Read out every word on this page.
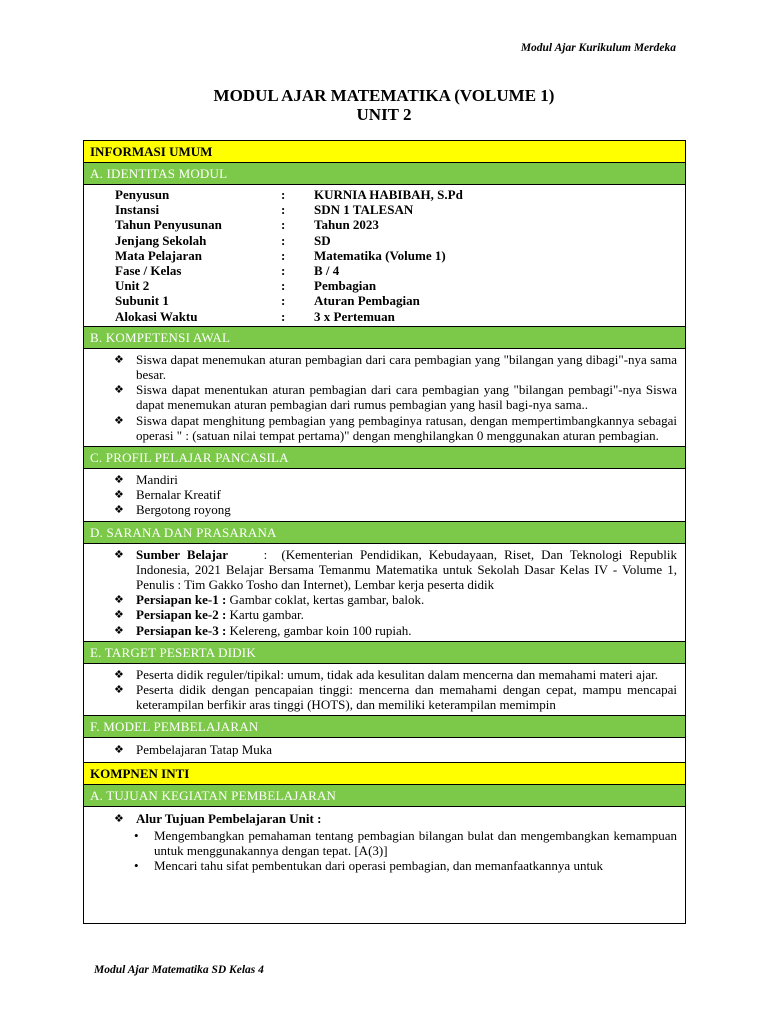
Modul Ajar Kurikulum Merdeka
MODUL AJAR MATEMATIKA (VOLUME 1)
UNIT 2
INFORMASI UMUM
A. IDENTITAS MODUL
Penyusun	:	KURNIA HABIBAH, S.Pd
Instansi	:	SDN 1 TALESAN
Tahun Penyusunan	:	Tahun 2023
Jenjang Sekolah	:	SD
Mata Pelajaran	:	Matematika (Volume 1)
Fase / Kelas	:	B / 4
Unit 2	:	Pembagian
Subunit 1	:	Aturan Pembagian
Alokasi Waktu	:	3 x Pertemuan
B. KOMPETENSI AWAL
❖ Siswa dapat menemukan aturan pembagian dari cara pembagian yang "bilangan yang dibagi"-nya sama besar.
❖ Siswa dapat menentukan aturan pembagian dari cara pembagian yang "bilangan pembagi"-nya Siswa dapat menemukan aturan pembagian dari rumus pembagian yang hasil bagi-nya sama..
❖ Siswa dapat menghitung pembagian yang pembaginya ratusan, dengan mempertimbangkannya sebagai operasi " : (satuan nilai tempat pertama)" dengan menghilangkan 0 menggunakan aturan pembagian.
C. PROFIL PELAJAR PANCASILA
❖ Mandiri
❖ Bernalar Kreatif
❖ Bergotong royong
D. SARANA DAN PRASARANA
❖ Sumber Belajar     :  (Kementerian Pendidikan, Kebudayaan, Riset, Dan Teknologi Republik Indonesia, 2021 Belajar Bersama Temanmu Matematika untuk Sekolah Dasar Kelas IV - Volume 1, Penulis : Tim Gakko Tosho dan Internet), Lembar kerja peserta didik
❖ Persiapan ke-1 : Gambar coklat, kertas gambar, balok.
❖ Persiapan ke-2 : Kartu gambar.
❖ Persiapan ke-3 : Kelereng, gambar koin 100 rupiah.
E. TARGET PESERTA DIDIK
❖ Peserta didik reguler/tipikal: umum, tidak ada kesulitan dalam mencerna dan memahami materi ajar.
❖ Peserta didik dengan pencapaian tinggi: mencerna dan memahami dengan cepat, mampu mencapai keterampilan berfikir aras tinggi (HOTS), dan memiliki keterampilan memimpin
F. MODEL PEMBELAJARAN
❖ Pembelajaran Tatap Muka
KOMPNEN INTI
A. TUJUAN KEGIATAN PEMBELAJARAN
❖ Alur Tujuan Pembelajaran Unit :
• Mengembangkan pemahaman tentang pembagian bilangan bulat dan mengembangkan kemampuan untuk menggunakannya dengan tepat. [A(3)]
• Mencari tahu sifat pembentukan dari operasi pembagian, dan memanfaatkannya untuk
Modul Ajar Matematika SD Kelas 4
